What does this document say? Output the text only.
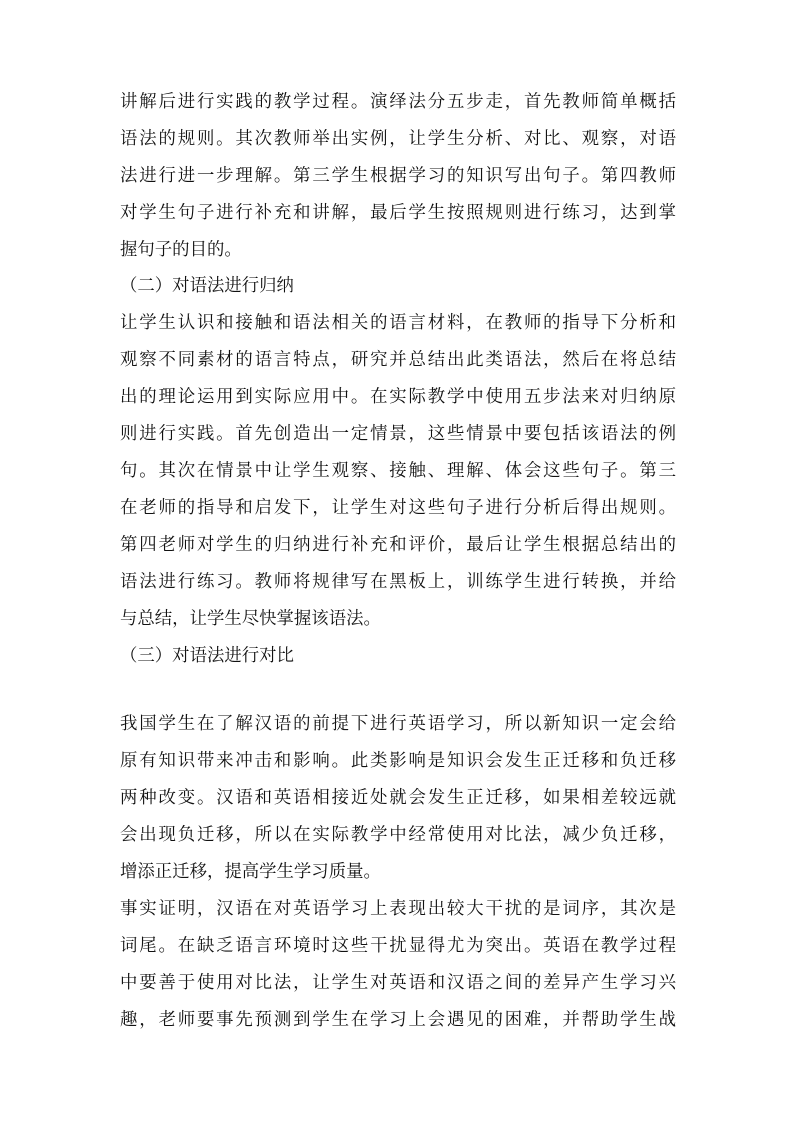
讲解后进行实践的教学过程。演绎法分五步走，首先教师简单概括
语法的规则。其次教师举出实例，让学生分析、对比、观察，对语
法进行进一步理解。第三学生根据学习的知识写出句子。第四教师
对学生句子进行补充和讲解，最后学生按照规则进行练习，达到掌
握句子的目的。
（二）对语法进行归纳
让学生认识和接触和语法相关的语言材料，在教师的指导下分析和
观察不同素材的语言特点，研究并总结出此类语法，然后在将总结
出的理论运用到实际应用中。在实际教学中使用五步法来对归纳原
则进行实践。首先创造出一定情景，这些情景中要包括该语法的例
句。其次在情景中让学生观察、接触、理解、体会这些句子。第三
在老师的指导和启发下，让学生对这些句子进行分析后得出规则。
第四老师对学生的归纳进行补充和评价，最后让学生根据总结出的
语法进行练习。教师将规律写在黑板上，训练学生进行转换，并给
与总结，让学生尽快掌握该语法。
（三）对语法进行对比
我国学生在了解汉语的前提下进行英语学习，所以新知识一定会给
原有知识带来冲击和影响。此类影响是知识会发生正迁移和负迁移
两种改变。汉语和英语相接近处就会发生正迁移，如果相差较远就
会出现负迁移，所以在实际教学中经常使用对比法，减少负迁移，
增添正迁移，提高学生学习质量。
事实证明，汉语在对英语学习上表现出较大干扰的是词序，其次是
词尾。在缺乏语言环境时这些干扰显得尤为突出。英语在教学过程
中要善于使用对比法，让学生对英语和汉语之间的差异产生学习兴
趣，老师要事先预测到学生在学习上会遇见的困难，并帮助学生战
